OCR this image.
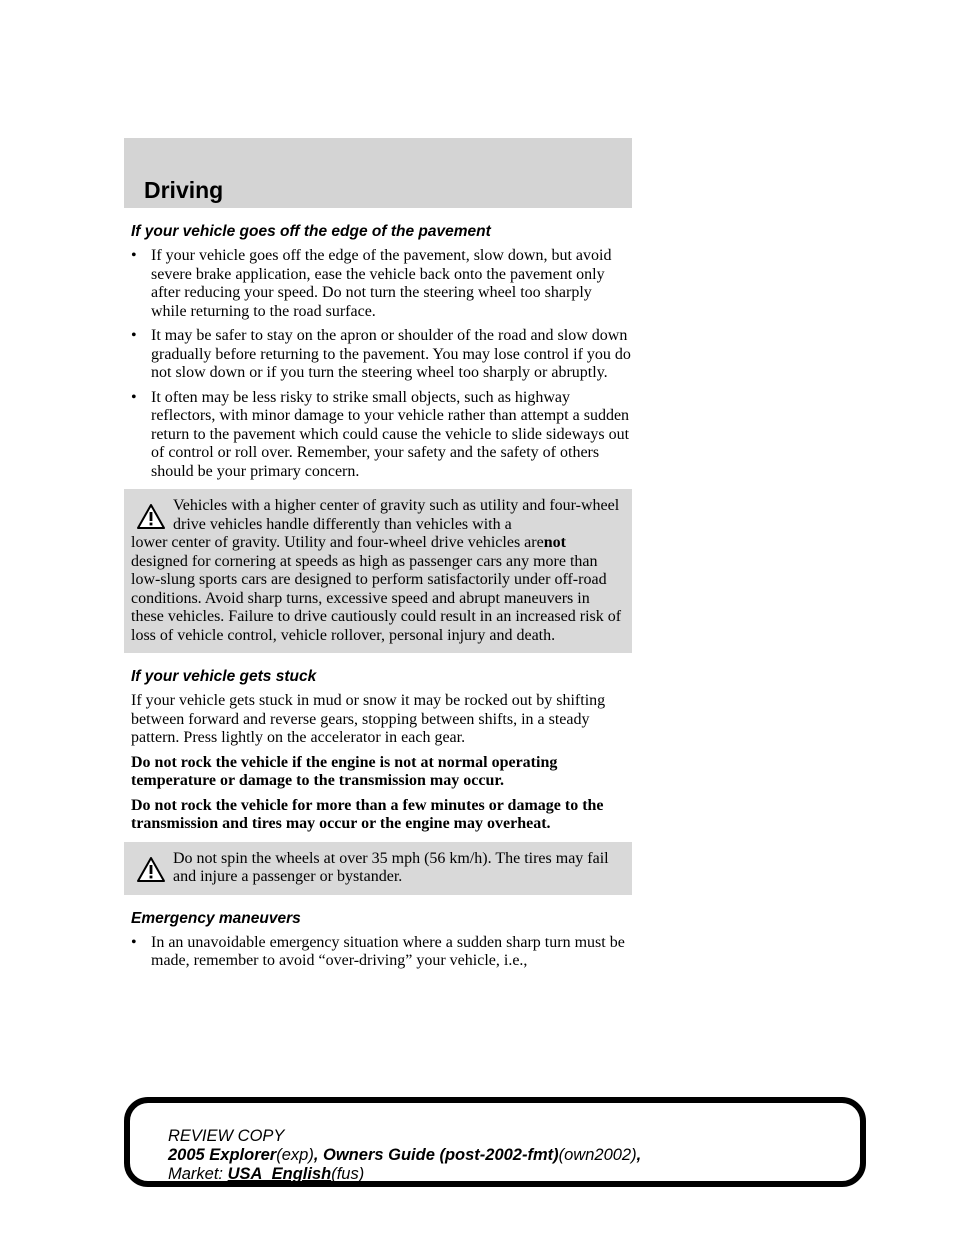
Driving
If your vehicle goes off the edge of the pavement
• If your vehicle goes off the edge of the pavement, slow down, but avoid severe brake application, ease the vehicle back onto the pavement only after reducing your speed. Do not turn the steering wheel too sharply while returning to the road surface.
• It may be safer to stay on the apron or shoulder of the road and slow down gradually before returning to the pavement. You may lose control if you do not slow down or if you turn the steering wheel too sharply or abruptly.
• It often may be less risky to strike small objects, such as highway reflectors, with minor damage to your vehicle rather than attempt a sudden return to the pavement which could cause the vehicle to slide sideways out of control or roll over. Remember, your safety and the safety of others should be your primary concern.

Vehicles with a higher center of gravity such as utility and four-wheel drive vehicles handle differently than vehicles with a

lower center of gravity. Utility and four-wheel drive vehicles arenot designed for cornering at speeds as high as passenger cars any more than low-slung sports cars are designed to perform satisfactorily under off-road conditions. Avoid sharp turns, excessive speed and abrupt maneuvers in these vehicles. Failure to drive cautiously could result in an increased risk of loss of vehicle control, vehicle rollover, personal injury and death.

If your vehicle gets stuck

If your vehicle gets stuck in mud or snow it may be rocked out by shifting between forward and reverse gears, stopping between shifts, in a steady pattern. Press lightly on the accelerator in each gear.

Do not rock the vehicle if the engine is not at normal operating temperature or damage to the transmission may occur.

Do not rock the vehicle for more than a few minutes or damage to the transmission and tires may occur or the engine may overheat.

Do not spin the wheels at over 35 mph (56 km/h). The tires may fail and injure a passenger or bystander.

Emergency maneuvers
• In an unavoidable emergency situation where a sudden sharp turn must be made, remember to avoid “over-driving” your vehicle, i.e.,

REVIEW COPY
2005 Explorer(exp), Owners Guide (post-2002-fmt)(own2002),
Market: USA_English(fus)
